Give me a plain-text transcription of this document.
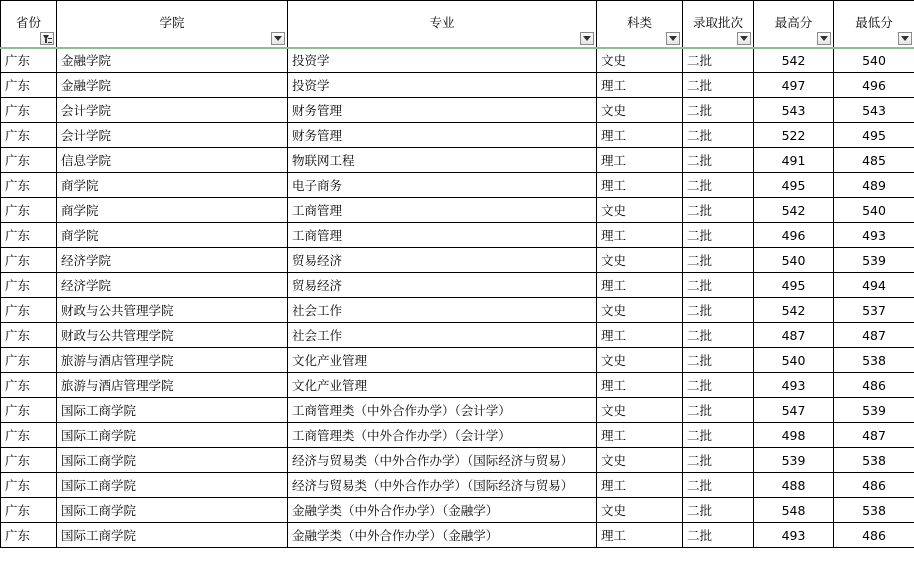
省份	学院	专业	科类	录取批次	最高分	最低分

广东	金融学院	投资学	文史	二批	542	540
广东	金融学院	投资学	理工	二批	497	496
广东	会计学院	财务管理	文史	二批	543	543
广东	会计学院	财务管理	理工	二批	522	495
广东	信息学院	物联网工程	理工	二批	491	485
广东	商学院	电子商务	理工	二批	495	489
广东	商学院	工商管理	文史	二批	542	540
广东	商学院	工商管理	理工	二批	496	493
广东	经济学院	贸易经济	文史	二批	540	539
广东	经济学院	贸易经济	理工	二批	495	494
广东	财政与公共管理学院	社会工作	文史	二批	542	537
广东	财政与公共管理学院	社会工作	理工	二批	487	487
广东	旅游与酒店管理学院	文化产业管理	文史	二批	540	538
广东	旅游与酒店管理学院	文化产业管理	理工	二批	493	486
广东	国际工商学院	工商管理类（中外合作办学）（会计学）	文史	二批	547	539
广东	国际工商学院	工商管理类（中外合作办学）（会计学）	理工	二批	498	487
广东	国际工商学院	经济与贸易类（中外合作办学）（国际经济与贸易）	文史	二批	539	538
广东	国际工商学院	经济与贸易类（中外合作办学）（国际经济与贸易）	理工	二批	488	486
广东	国际工商学院	金融学类（中外合作办学）（金融学）	文史	二批	548	538
广东	国际工商学院	金融学类（中外合作办学）（金融学）	理工	二批	493	486
